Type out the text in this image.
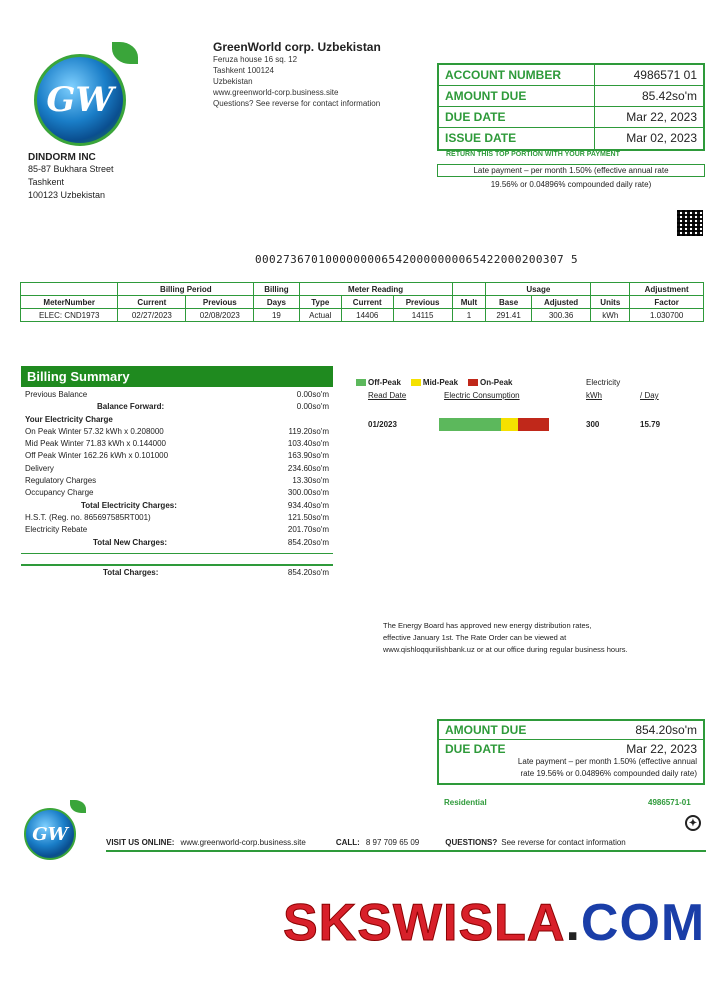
GW
GreenWorld corp. Uzbekistan
Feruza house 16 sq. 12
Tashkent 100124
Uzbekistan
www.greenworld-corp.business.site
Questions? See reverse for contact information
DINDORM INC
85-87 Bukhara Street
Tashkent
100123 Uzbekistan
ACCOUNT NUMBER	4986571 01
AMOUNT DUE	85.42so'm
DUE DATE	Mar 22, 2023
ISSUE DATE	Mar 02, 2023
RETURN THIS TOP PORTION WITH YOUR PAYMENT
Late payment – per month 1.50% (effective annual rate
19.56% or 0.04896% compounded daily rate)
00027367010000000065420000000065422000200307 5
	Billing Period		Billing	Meter Reading				Usage			Adjustment
MeterNumber	Current	Previous	Days	Type	Current	Previous	Mult	Base	Adjusted	Units	Factor
ELEC: CND1973	02/27/2023	02/08/2023	19	Actual	14406	14115	1	291.41	300.36	kWh	1.030700
Billing Summary
Previous Balance	0.00so'm
Balance Forward:	0.00so'm
Your Electricity Charge
On Peak Winter 57.32 kWh x 0.208000	119.20so'm
Mid Peak Winter 71.83 kWh x 0.144000	103.40so'm
Off Peak Winter 162.26 kWh x 0.101000	163.90so'm
Delivery	234.60so'm
Regulatory Charges	13.30so'm
Occupancy Charge	300.00so'm
Total Electricity Charges:	934.40so'm
H.S.T. (Reg. no. 865697585RT001)	121.50so'm
Electricity Rebate	201.70so'm
Total New Charges:	854.20so'm
Total Charges:	854.20so'm
Off-Peak	Mid-Peak	On-Peak	Electricity
Read Date	Electric Consumption	kWh	/ Day
01/2023	300	15.79
The Energy Board has approved new energy distribution rates,
effective January 1st. The Rate Order can be viewed at
www.qishloqqurilishbank.uz or at our office during regular business hours.
AMOUNT DUE	854.20so'm
DUE DATE	Mar 22, 2023
Late payment – per month 1.50% (effective annual
rate 19.56% or 0.04896% compounded daily rate)
Residential	4986571-01
GW
✦
VISIT US ONLINE: www.greenworld-corp.business.site	CALL: 8 97 709 65 09	QUESTIONS? See reverse for contact information
SKSWISLA.COM
